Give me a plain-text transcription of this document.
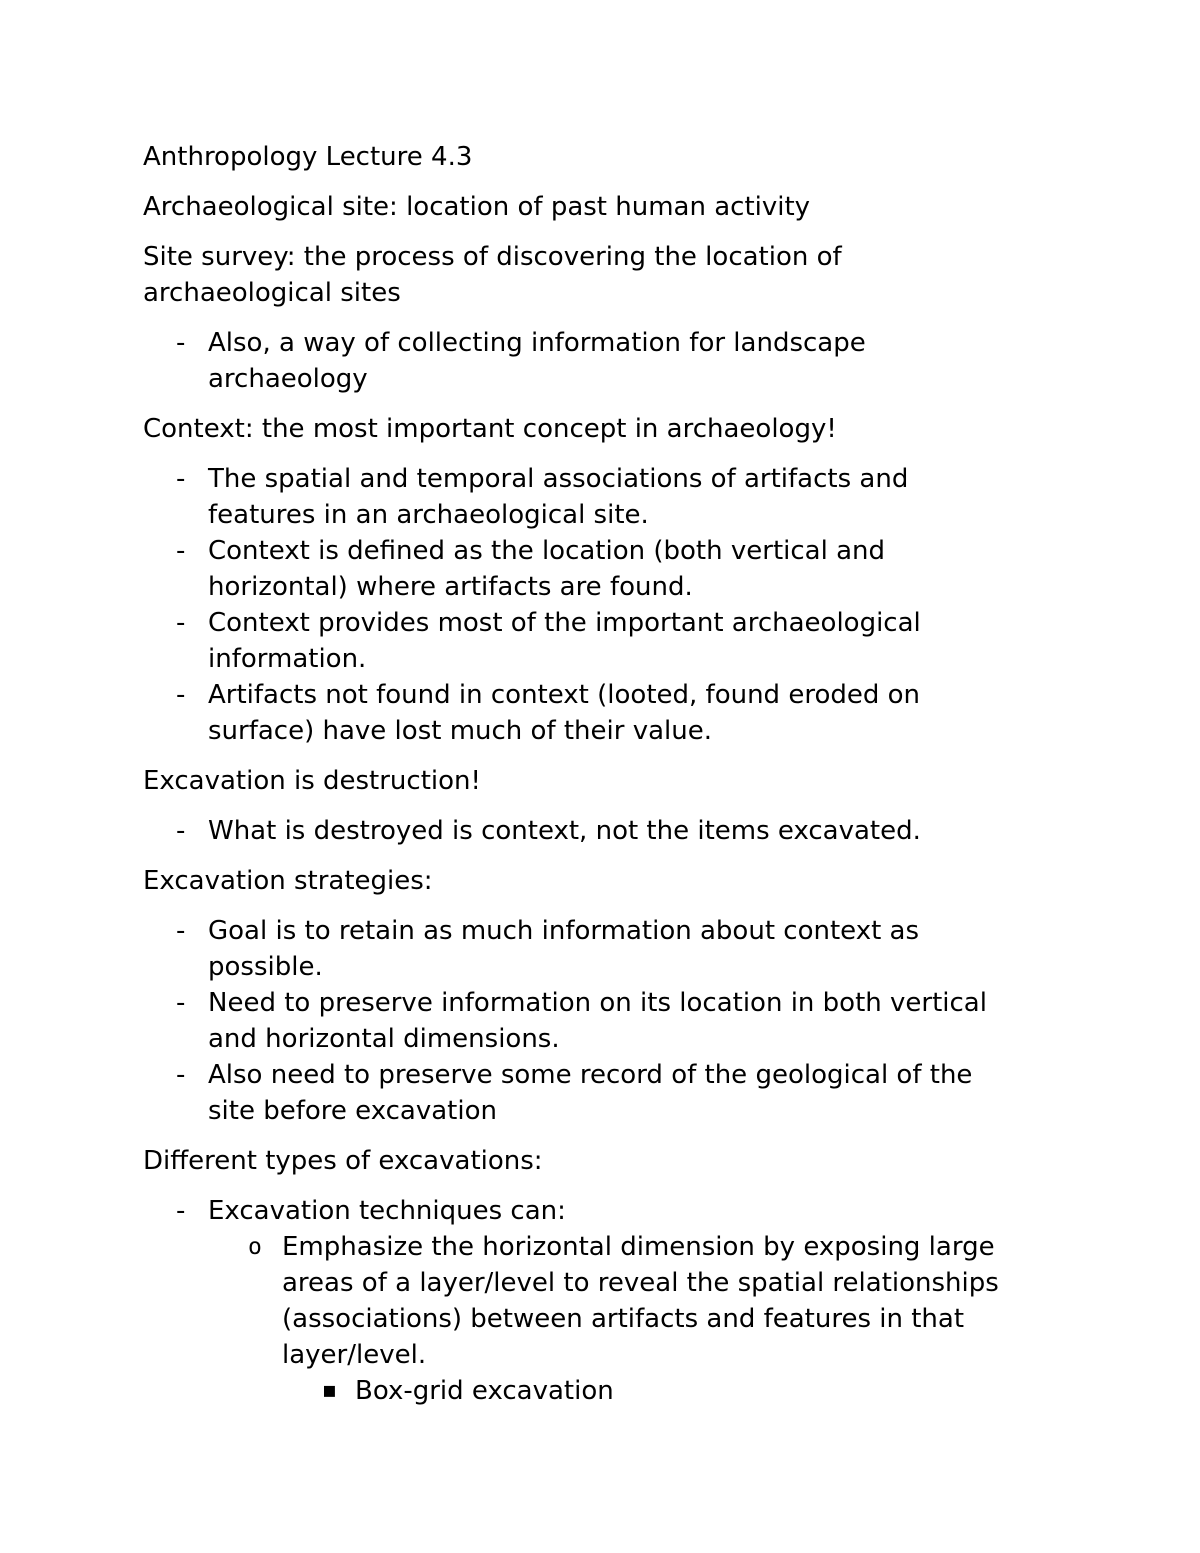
Anthropology Lecture 4.3
Archaeological site: location of past human activity
Site survey: the process of discovering the location of
archaeological sites
- Also, a way of collecting information for landscape
archaeology
Context: the most important concept in archaeology!
- The spatial and temporal associations of artifacts and
features in an archaeological site.
- Context is defined as the location (both vertical and
horizontal) where artifacts are found.
- Context provides most of the important archaeological
information.
- Artifacts not found in context (looted, found eroded on
surface) have lost much of their value.
Excavation is destruction!
- What is destroyed is context, not the items excavated.
Excavation strategies:
- Goal is to retain as much information about context as
possible.
- Need to preserve information on its location in both vertical
and horizontal dimensions.
- Also need to preserve some record of the geological of the
site before excavation
Different types of excavations:
- Excavation techniques can:
o Emphasize the horizontal dimension by exposing large
areas of a layer/level to reveal the spatial relationships
(associations) between artifacts and features in that
layer/level.
▪ Box-grid excavation
